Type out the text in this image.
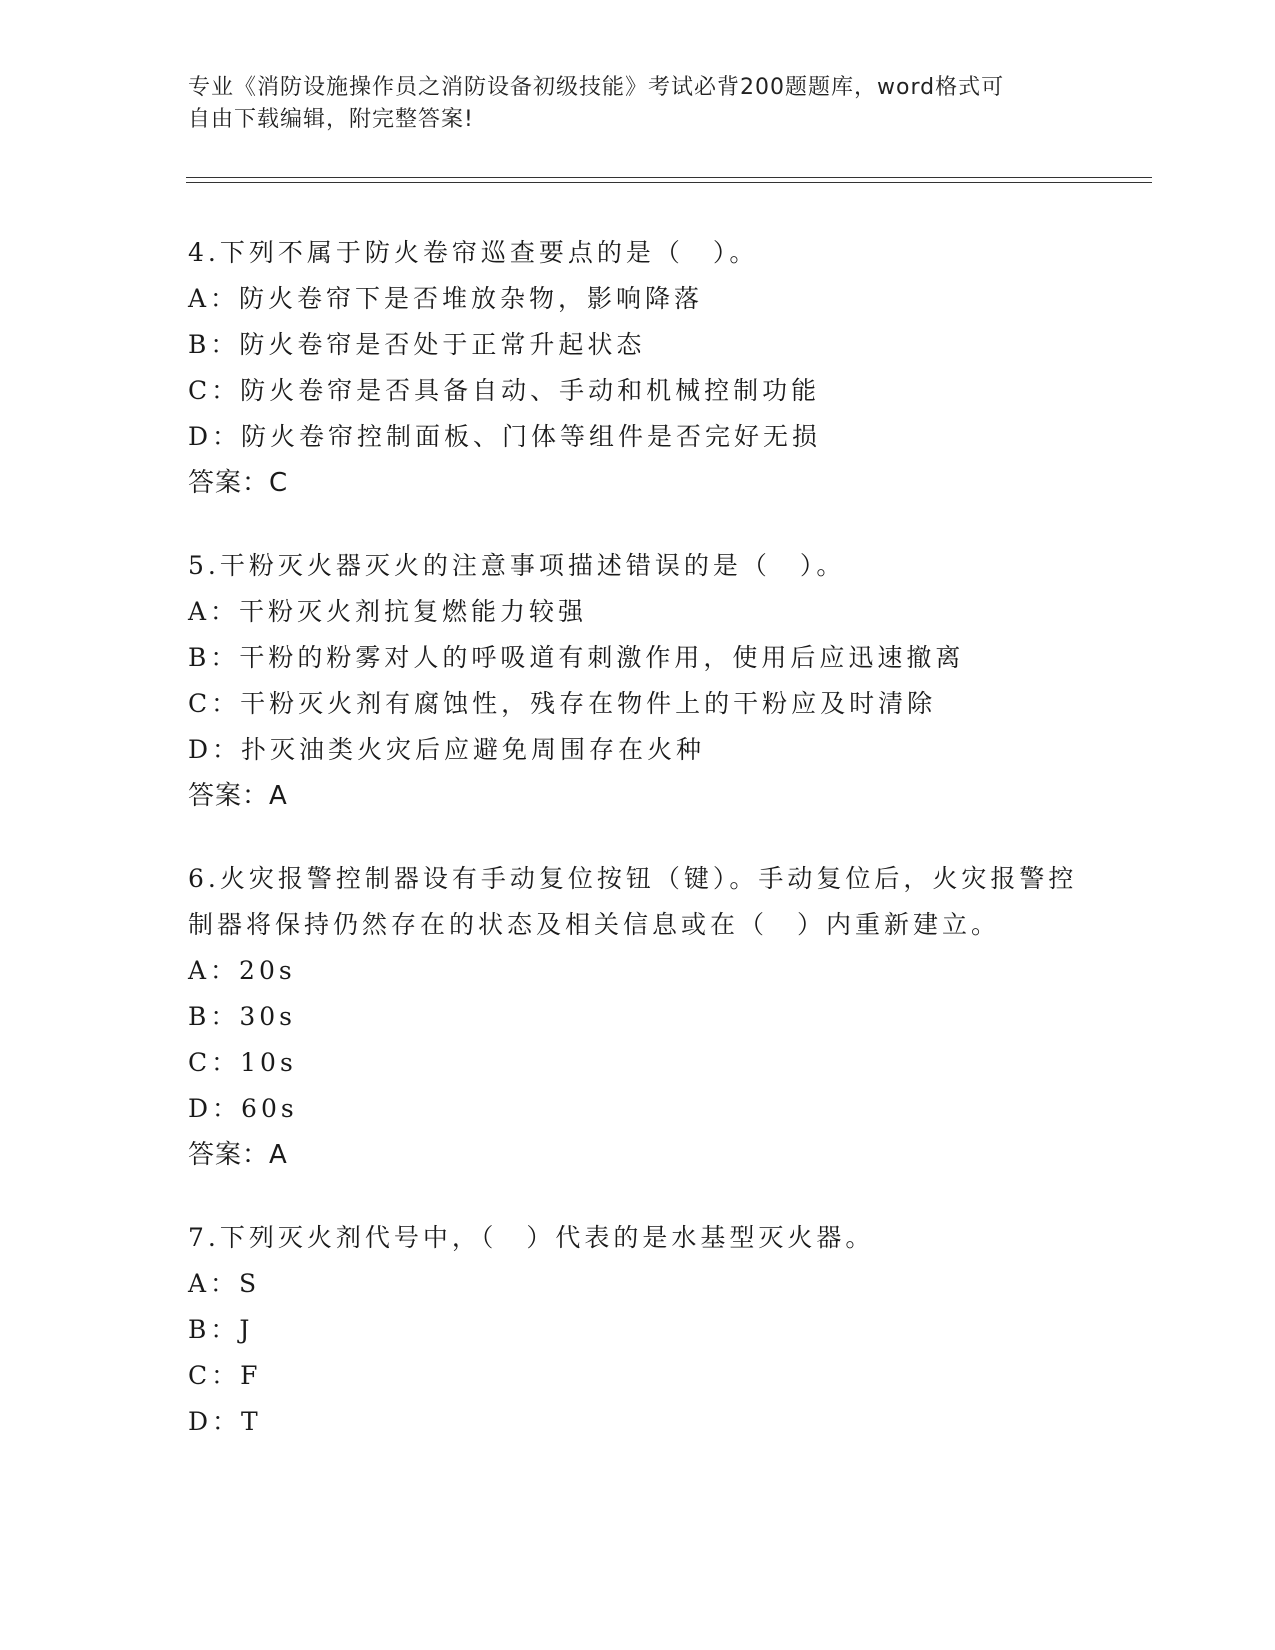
专业《消防设施操作员之消防设备初级技能》考试必背200题题库，word格式可
自由下载编辑，附完整答案!

4.下列不属于防火卷帘巡查要点的是（　）。

A：防火卷帘下是否堆放杂物，影响降落

B：防火卷帘是否处于正常升起状态

C：防火卷帘是否具备自动、手动和机械控制功能

D：防火卷帘控制面板、门体等组件是否完好无损

答案：C

5.干粉灭火器灭火的注意事项描述错误的是（　）。

A：干粉灭火剂抗复燃能力较强

B：干粉的粉雾对人的呼吸道有刺激作用，使用后应迅速撤离

C：干粉灭火剂有腐蚀性，残存在物件上的干粉应及时清除

D：扑灭油类火灾后应避免周围存在火种

答案：A

6.火灾报警控制器设有手动复位按钮（键）。手动复位后，火灾报警控制器将保持仍然存在的状态及相关信息或在（　）内重新建立。

A：20s

B：30s

C：10s

D：60s

答案：A

7.下列灭火剂代号中，（　）代表的是水基型灭火器。

A：S

B：J

C：F

D：T
